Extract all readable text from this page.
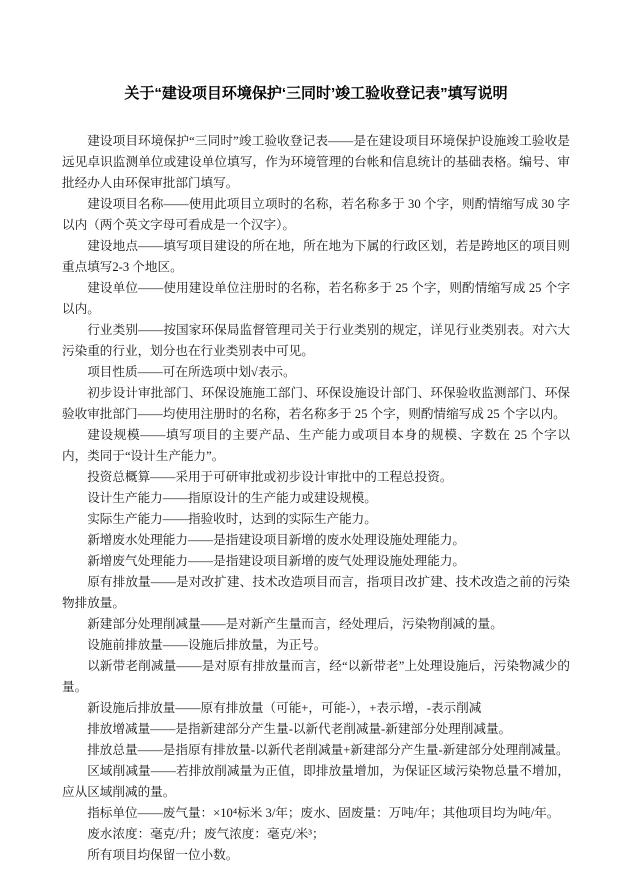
关于“建设项目环境保护‘三同时’竣工验收登记表”填写说明

建设项目环境保护“三同时”竣工验收登记表——是在建设项目环境保护设施竣工验收是远见卓识监测单位或建设单位填写，作为环境管理的台帐和信息统计的基础表格。编号、审批经办人由环保审批部门填写。

建设项目名称——使用此项目立项时的名称，若名称多于 30 个字，则酌情缩写成 30 字以内（两个英文字母可看成是一个汉字）。

建设地点——填写项目建设的所在地，所在地为下属的行政区划，若是跨地区的项目则重点填写2-3 个地区。

建设单位——使用建设单位注册时的名称，若名称多于 25 个字，则酌情缩写成 25 个字以内。

行业类别——按国家环保局监督管理司关于行业类别的规定，详见行业类别表。对六大污染重的行业，划分也在行业类别表中可见。

项目性质——可在所选项中划√表示。

初步设计审批部门、环保设施施工部门、环保设施设计部门、环保验收监测部门、环保验收审批部门——均使用注册时的名称，若名称多于 25 个字，则酌情缩写成 25 个字以内。

建设规模——填写项目的主要产品、生产能力或项目本身的规模、字数在 25 个字以内，类同于“设计生产能力”。

投资总概算——采用于可研审批或初步设计审批中的工程总投资。

设计生产能力——指原设计的生产能力或建设规模。

实际生产能力——指验收时，达到的实际生产能力。

新增废水处理能力——是指建设项目新增的废水处理设施处理能力。

新增废气处理能力——是指建设项目新增的废气处理设施处理能力。

原有排放量——是对改扩建、技术改造项目而言，指项目改扩建、技术改造之前的污染物排放量。

新建部分处理削减量——是对新产生量而言，经处理后，污染物削减的量。

设施前排放量——设施后排放量，为正号。

以新带老削减量——是对原有排放量而言，经“以新带老”上处理设施后，污染物减少的量。

新设施后排放量——原有排放量（可能+，可能-），+表示增，-表示削减

排放增减量——是指新建部分产生量-以新代老削减量-新建部分处理削减量。

排放总量——是指原有排放量-以新代老削减量+新建部分产生量-新建部分处理削减量。

区域削减量——若排放削减量为正值，即排放量增加，为保证区域污染物总量不增加，应从区域削减的量。

指标单位——废气量：×10⁴标米 3/年；废水、固废量：万吨/年；其他项目均为吨/年。

废水浓度：毫克/升；废气浓度：毫克/米³；

所有项目均保留一位小数。
